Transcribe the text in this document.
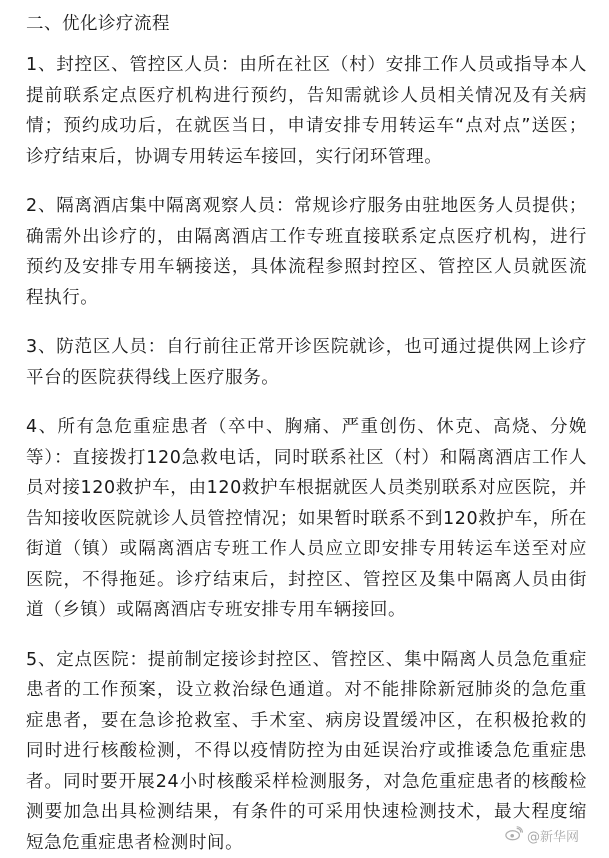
二、优化诊疗流程

1、封控区、管控区人员：由所在社区（村）安排工作人员或指导本人提前联系定点医疗机构进行预约，告知需就诊人员相关情况及有关病情；预约成功后，在就医当日，申请安排专用转运车“点对点”送医；诊疗结束后，协调专用转运车接回，实行闭环管理。

2、隔离酒店集中隔离观察人员：常规诊疗服务由驻地医务人员提供；确需外出诊疗的，由隔离酒店工作专班直接联系定点医疗机构，进行预约及安排专用车辆接送，具体流程参照封控区、管控区人员就医流程执行。

3、防范区人员：自行前往正常开诊医院就诊，也可通过提供网上诊疗平台的医院获得线上医疗服务。

4、所有急危重症患者（卒中、胸痛、严重创伤、休克、高烧、分娩等）：直接拨打120急救电话，同时联系社区（村）和隔离酒店工作人员对接120救护车，由120救护车根据就医人员类别联系对应医院，并告知接收医院就诊人员管控情况；如果暂时联系不到120救护车，所在街道（镇）或隔离酒店专班工作人员应立即安排专用转运车送至对应医院，不得拖延。诊疗结束后，封控区、管控区及集中隔离人员由街道（乡镇）或隔离酒店专班安排专用车辆接回。

5、定点医院：提前制定接诊封控区、管控区、集中隔离人员急危重症患者的工作预案，设立救治绿色通道。对不能排除新冠肺炎的急危重症患者，要在急诊抢救室、手术室、病房设置缓冲区，在积极抢救的同时进行核酸检测，不得以疫情防控为由延误治疗或推诿急危重症患者。同时要开展24小时核酸采样检测服务，对急危重症患者的核酸检测要加急出具检测结果，有条件的可采用快速检测技术，最大程度缩短急危重症患者检测时间。	@新华网
